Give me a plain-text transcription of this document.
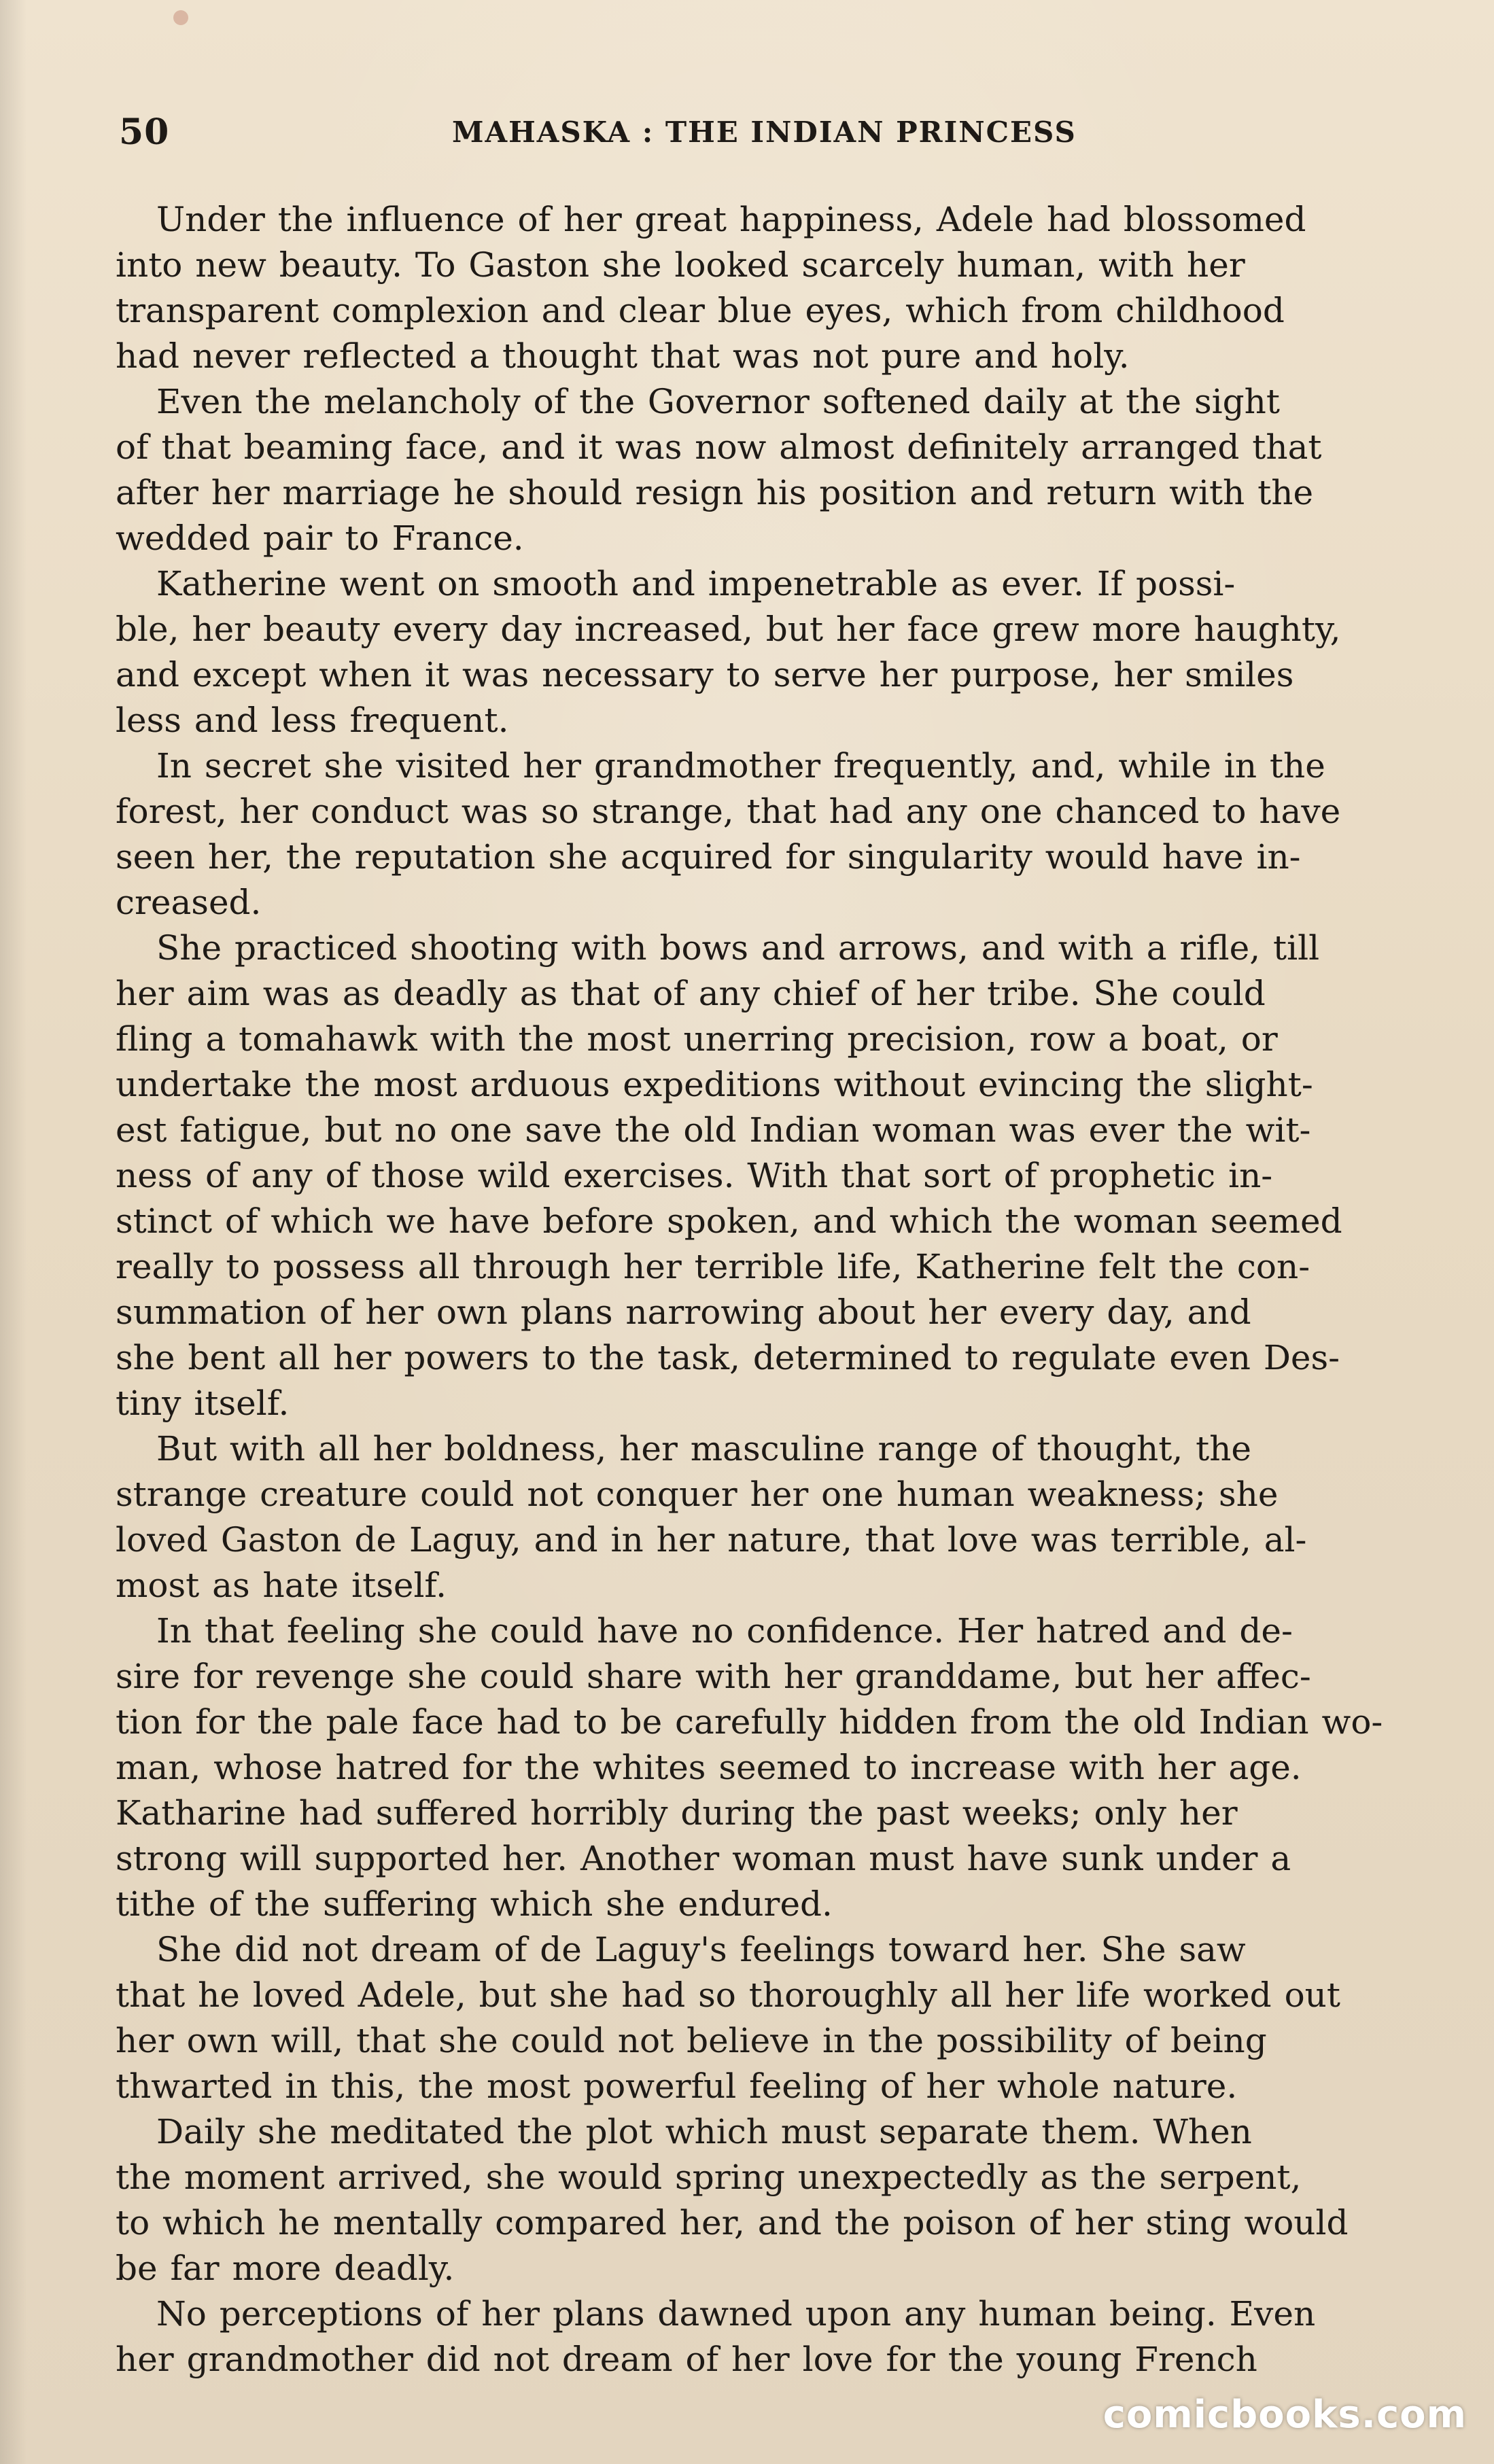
50	MAHASKA : THE INDIAN PRINCESS
Under the influence of her great happiness, Adele had blossomed
into new beauty. To Gaston she looked scarcely human, with her
transparent complexion and clear blue eyes, which from childhood
had never reflected a thought that was not pure and holy.
Even the melancholy of the Governor softened daily at the sight
of that beaming face, and it was now almost definitely arranged that
after her marriage he should resign his position and return with the
wedded pair to France.
Katherine went on smooth and impenetrable as ever. If possi-
ble, her beauty every day increased, but her face grew more haughty,
and except when it was necessary to serve her purpose, her smiles
less and less frequent.
In secret she visited her grandmother frequently, and, while in the
forest, her conduct was so strange, that had any one chanced to have
seen her, the reputation she acquired for singularity would have in-
creased.
She practiced shooting with bows and arrows, and with a rifle, till
her aim was as deadly as that of any chief of her tribe. She could
fling a tomahawk with the most unerring precision, row a boat, or
undertake the most arduous expeditions without evincing the slight-
est fatigue, but no one save the old Indian woman was ever the wit-
ness of any of those wild exercises. With that sort of prophetic in-
stinct of which we have before spoken, and which the woman seemed
really to possess all through her terrible life, Katherine felt the con-
summation of her own plans narrowing about her every day, and
she bent all her powers to the task, determined to regulate even Des-
tiny itself.
But with all her boldness, her masculine range of thought, the
strange creature could not conquer her one human weakness; she
loved Gaston de Laguy, and in her nature, that love was terrible, al-
most as hate itself.
In that feeling she could have no confidence. Her hatred and de-
sire for revenge she could share with her granddame, but her affec-
tion for the pale face had to be carefully hidden from the old Indian wo-
man, whose hatred for the whites seemed to increase with her age.
Katharine had suffered horribly during the past weeks; only her
strong will supported her. Another woman must have sunk under a
tithe of the suffering which she endured.
She did not dream of de Laguy's feelings toward her. She saw
that he loved Adele, but she had so thoroughly all her life worked out
her own will, that she could not believe in the possibility of being
thwarted in this, the most powerful feeling of her whole nature.
Daily she meditated the plot which must separate them. When
the moment arrived, she would spring unexpectedly as the serpent,
to which he mentally compared her, and the poison of her sting would
be far more deadly.
No perceptions of her plans dawned upon any human being. Even
her grandmother did not dream of her love for the young French
comicbooks.com
